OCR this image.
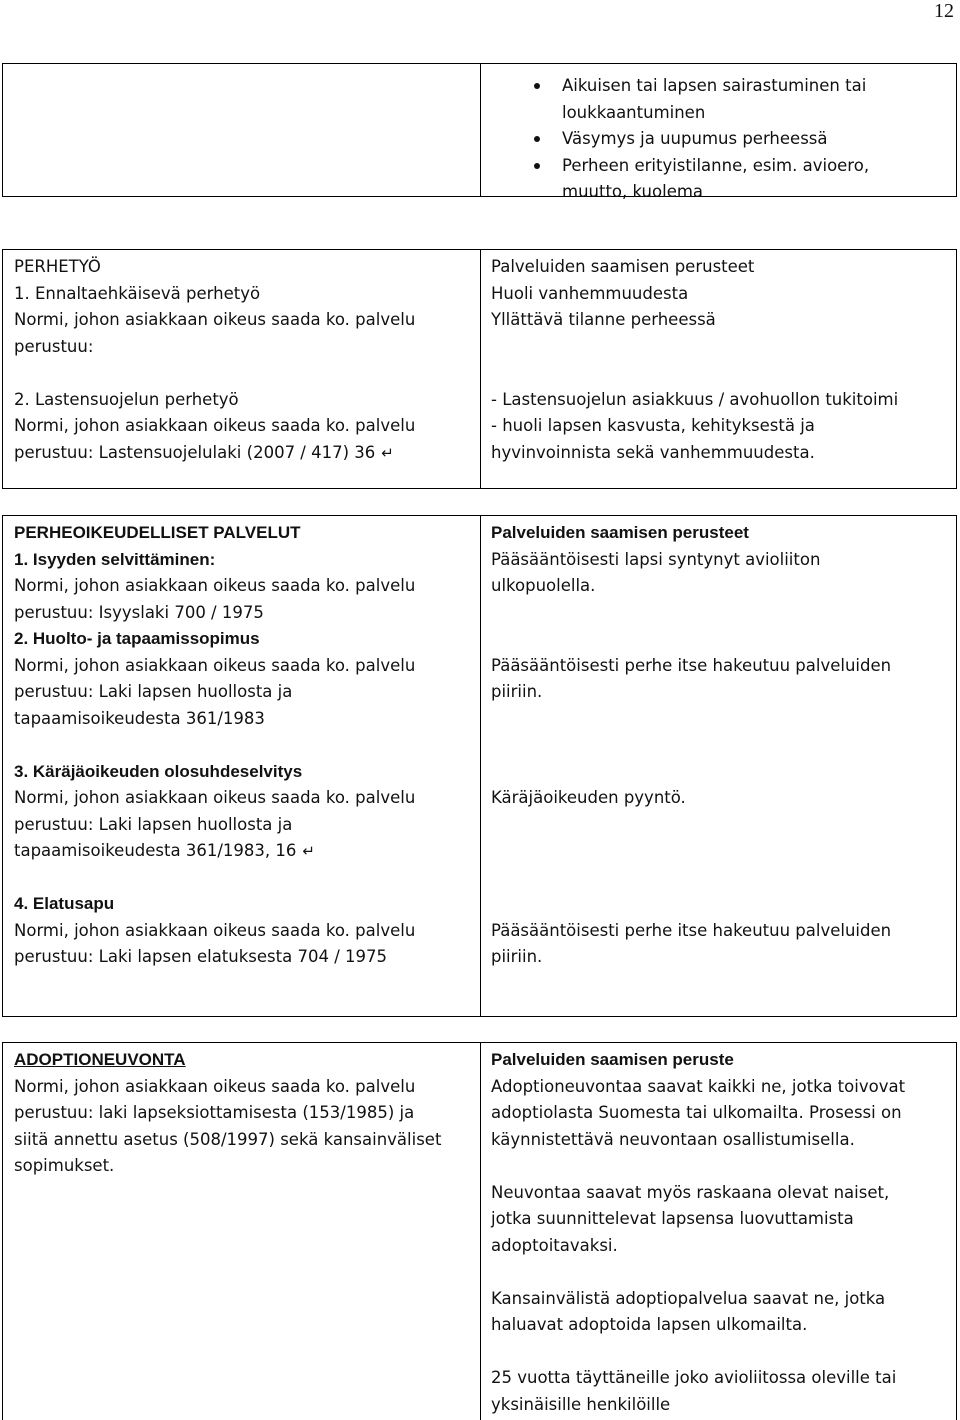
12
Aikuisen tai lapsen sairastuminen tai
loukkaantuminen
Väsymys ja uupumus perheessä
Perheen erityistilanne, esim. avioero,
muutto, kuolema
PERHETYÖ
1. Ennaltaehkäisevä perhetyö
Normi, johon asiakkaan oikeus saada ko. palvelu
perustuu:
2. Lastensuojelun perhetyö
Normi, johon asiakkaan oikeus saada ko. palvelu
perustuu: Lastensuojelulaki (2007 / 417) 36 ↵
Palveluiden saamisen perusteet
Huoli vanhemmuudesta
Yllättävä tilanne perheessä
- Lastensuojelun asiakkuus / avohuollon tukitoimi
- huoli lapsen kasvusta, kehityksestä ja
hyvinvoinnista sekä vanhemmuudesta.
PERHEOIKEUDELLISET PALVELUT
1. Isyyden selvittäminen:
Normi, johon asiakkaan oikeus saada ko. palvelu
perustuu: Isyyslaki 700 / 1975
2. Huolto- ja tapaamissopimus
Normi, johon asiakkaan oikeus saada ko. palvelu
perustuu: Laki lapsen huollosta ja
tapaamisoikeudesta 361/1983
3. Käräjäoikeuden olosuhdeselvitys
Normi, johon asiakkaan oikeus saada ko. palvelu
perustuu: Laki lapsen huollosta ja
tapaamisoikeudesta 361/1983, 16 ↵
4. Elatusapu
Normi, johon asiakkaan oikeus saada ko. palvelu
perustuu: Laki lapsen elatuksesta 704 / 1975
Palveluiden saamisen perusteet
Pääsääntöisesti lapsi syntynyt avioliiton
ulkopuolella.
Pääsääntöisesti perhe itse hakeutuu palveluiden
piiriin.
Käräjäoikeuden pyyntö.
Pääsääntöisesti perhe itse hakeutuu palveluiden
piiriin.
ADOPTIONEUVONTA
Normi, johon asiakkaan oikeus saada ko. palvelu
perustuu: laki lapseksiottamisesta (153/1985) ja
siitä annettu asetus (508/1997) sekä kansainväliset
sopimukset.
Palveluiden saamisen peruste
Adoptioneuvontaa saavat kaikki ne, jotka toivovat
adoptiolasta Suomesta tai ulkomailta. Prosessi on
käynnistettävä neuvontaan osallistumisella.
Neuvontaa saavat myös raskaana olevat naiset,
jotka suunnittelevat lapsensa luovuttamista
adoptoitavaksi.
Kansainvälistä adoptiopalvelua saavat ne, jotka
haluavat adoptoida lapsen ulkomailta.
25 vuotta täyttäneille joko avioliitossa oleville tai
yksinäisille henkilöille
